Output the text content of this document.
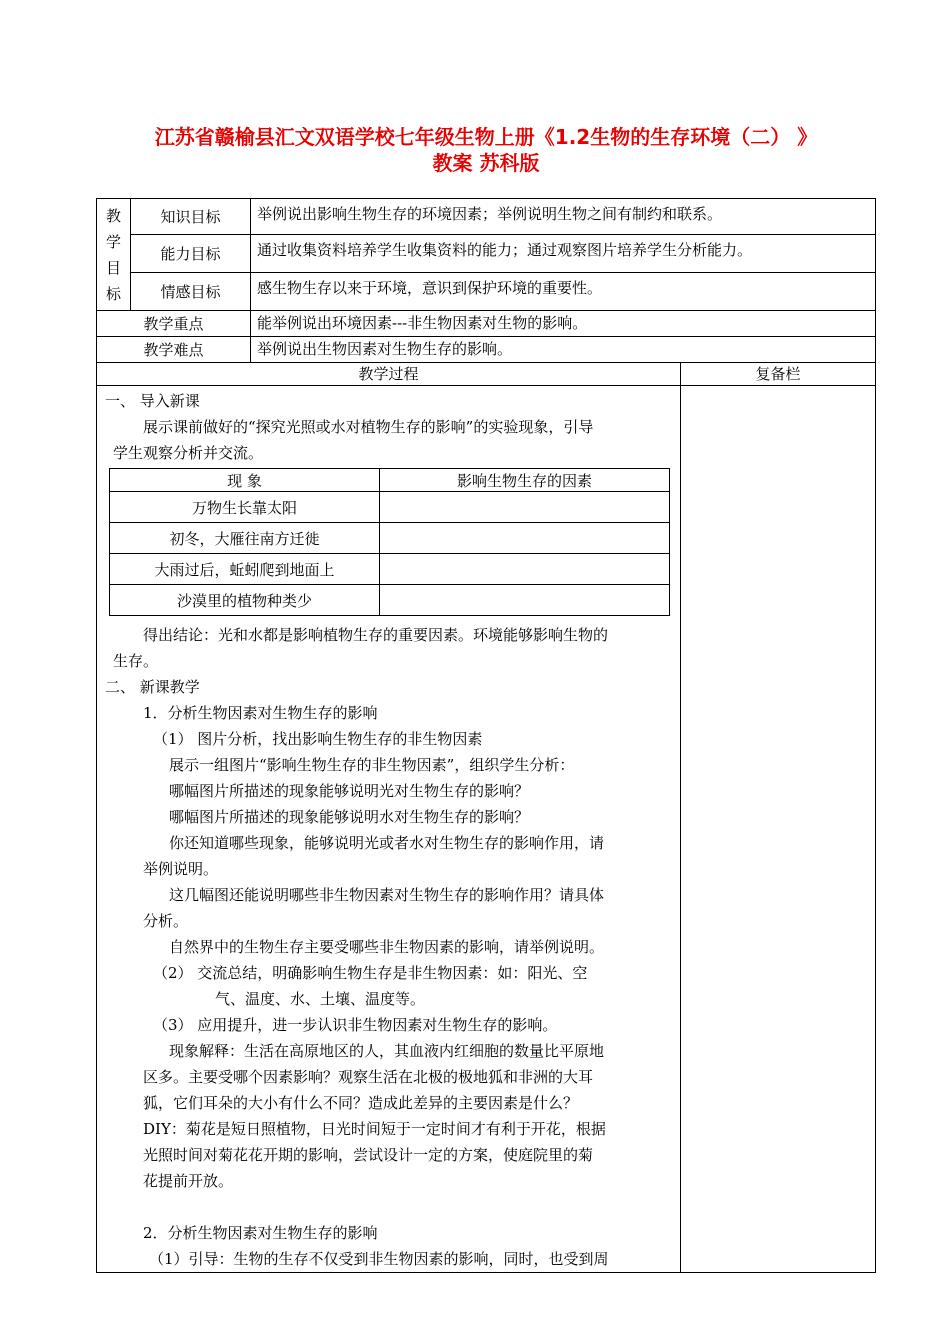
江苏省赣榆县汇文双语学校七年级生物上册《1.2生物的生存环境（二） 》
教案 苏科版
教
学
目
标
	知识目标	举例说出影响生物生存的环境因素；举例说明生物之间有制约和联系。
能力目标	通过收集资料培养学生收集资料的能力；通过观察图片培养学生分析能力。
情感目标	感生物生存以来于环境，意识到保护环境的重要性。
教学重点	能举例说出环境因素---非生物因素对生物的影响。
教学难点	举例说出生物因素对生物生存的影响。
教学过程	复备栏

一、 导入新课

展示课前做好的“探究光照或水对植物生存的影响”的实验现象，引导

学生观察分析并交流。

现 象	影响生物生存的因素
万物生长靠太阳	
初冬，大雁往南方迁徙	
大雨过后，蚯蚓爬到地面上	
沙漠里的植物种类少	

得出结论：光和水都是影响植物生存的重要因素。环境能够影响生物的

生存。

二、 新课教学

1．分析生物因素对生物生存的影响

（1） 图片分析，找出影响生物生存的非生物因素

展示一组图片“影响生物生存的非生物因素”，组织学生分析：

哪幅图片所描述的现象能够说明光对生物生存的影响？

哪幅图片所描述的现象能够说明水对生物生存的影响？

你还知道哪些现象，能够说明光或者水对生物生存的影响作用，请

举例说明。

这几幅图还能说明哪些非生物因素对生物生存的影响作用？请具体

分析。

自然界中的生物生存主要受哪些非生物因素的影响，请举例说明。

（2） 交流总结，明确影响生物生存是非生物因素：如：阳光、空

气、温度、水、土壤、温度等。

（3） 应用提升，进一步认识非生物因素对生物生存的影响。

现象解释：生活在高原地区的人，其血液内红细胞的数量比平原地

区多。主要受哪个因素影响？观察生活在北极的极地狐和非洲的大耳

狐，它们耳朵的大小有什么不同？造成此差异的主要因素是什么？

DIY：菊花是短日照植物，日光时间短于一定时间才有利于开花，根据

光照时间对菊花花开期的影响，尝试设计一定的方案，使庭院里的菊

花提前开放。

2．分析生物因素对生物生存的影响

（1）引导：生物的生存不仅受到非生物因素的影响，同时，也受到周
